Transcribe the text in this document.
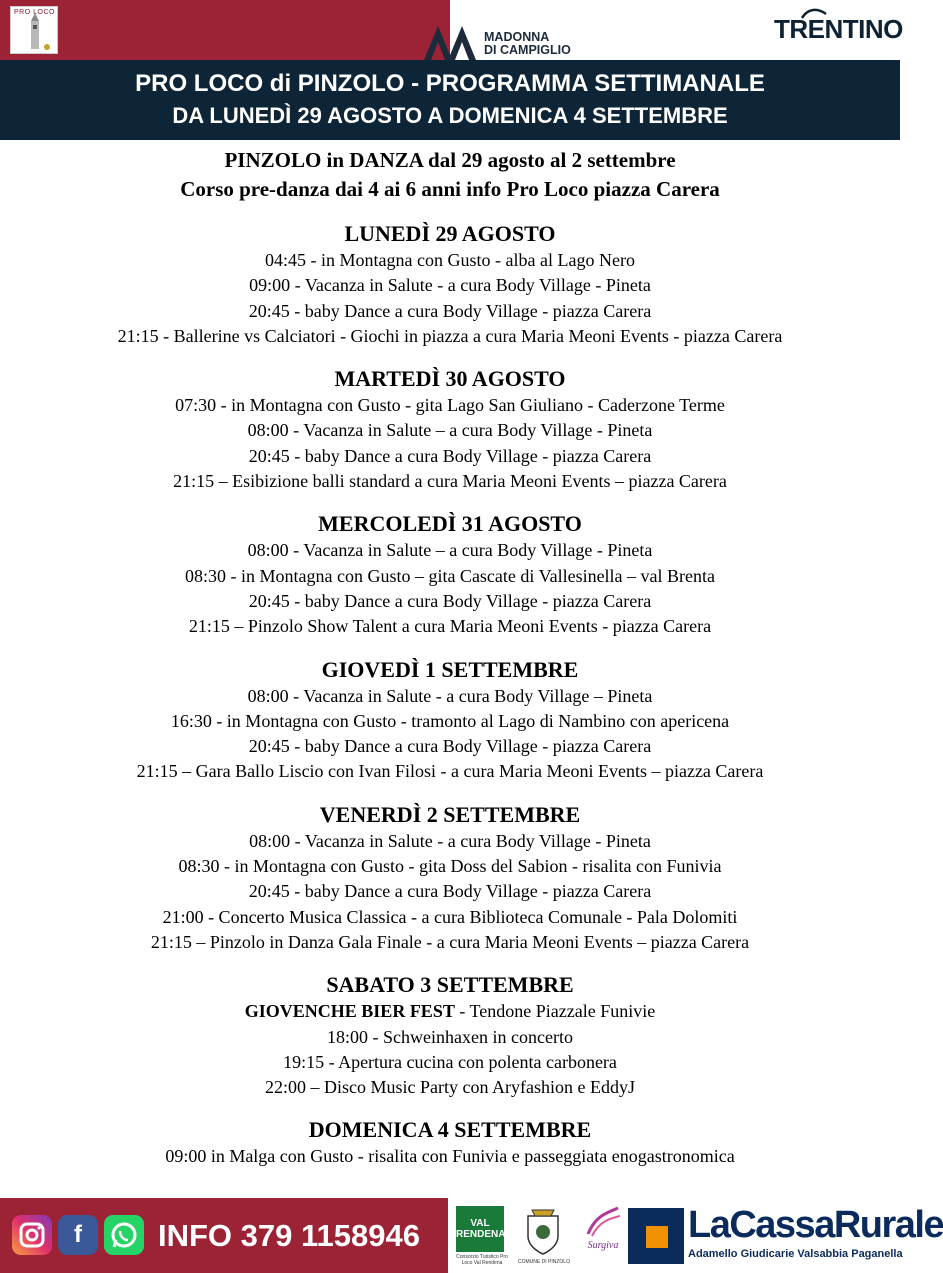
PRO LOCO
MADONNA
DI CAMPIGLIO
TRENTINO
PRO LOCO di PINZOLO - PROGRAMMA SETTIMANALE
DA LUNEDÌ 29 AGOSTO A DOMENICA 4 SETTEMBRE
PINZOLO in DANZA dal 29 agosto al 2 settembre
Corso pre-danza dai 4 ai 6 anni info Pro Loco piazza Carera
LUNEDÌ 29 AGOSTO
04:45 - in Montagna con Gusto - alba al Lago Nero
09:00 - Vacanza in Salute - a cura Body Village - Pineta
20:45 - baby Dance a cura Body Village - piazza Carera
21:15 - Ballerine vs Calciatori - Giochi in piazza a cura Maria Meoni Events - piazza Carera
MARTEDÌ 30 AGOSTO
07:30 - in Montagna con Gusto - gita Lago San Giuliano - Caderzone Terme
08:00 - Vacanza in Salute – a cura Body Village - Pineta
20:45 - baby Dance a cura Body Village - piazza Carera
21:15 – Esibizione balli standard a cura Maria Meoni Events – piazza Carera
MERCOLEDÌ 31 AGOSTO
08:00 - Vacanza in Salute – a cura Body Village - Pineta
08:30 - in Montagna con Gusto – gita Cascate di Vallesinella – val Brenta
20:45 - baby Dance a cura Body Village - piazza Carera
21:15 – Pinzolo Show Talent a cura Maria Meoni Events - piazza Carera
GIOVEDÌ 1 SETTEMBRE
08:00 - Vacanza in Salute - a cura Body Village – Pineta
16:30 - in Montagna con Gusto - tramonto al Lago di Nambino con apericena
20:45 - baby Dance a cura Body Village - piazza Carera
21:15 – Gara Ballo Liscio con Ivan Filosi - a cura Maria Meoni Events – piazza Carera
VENERDÌ 2 SETTEMBRE
08:00 - Vacanza in Salute - a cura Body Village - Pineta
08:30 - in Montagna con Gusto - gita Doss del Sabion - risalita con Funivia
20:45 - baby Dance a cura Body Village - piazza Carera
21:00 - Concerto Musica Classica - a cura Biblioteca Comunale - Pala Dolomiti
21:15 – Pinzolo in Danza Gala Finale - a cura Maria Meoni Events – piazza Carera
SABATO 3 SETTEMBRE
GIOVENCHE BIER FEST - Tendone Piazzale Funivie
18:00 - Schweinhaxen in concerto
19:15 - Apertura cucina con polenta carbonera
22:00 – Disco Music Party con Aryfashion e EddyJ
DOMENICA 4 SETTEMBRE
09:00 in Malga con Gusto - risalita con Funivia e passeggiata enogastronomica
f	INFO 379 1158946	VAL RENDENA
Consorzio Turistico Pro Loco Val Rendena	COMUNE DI PINZOLO
Surgiva LaCassaRurale
Adamello Giudicarie Valsabbia Paganella
